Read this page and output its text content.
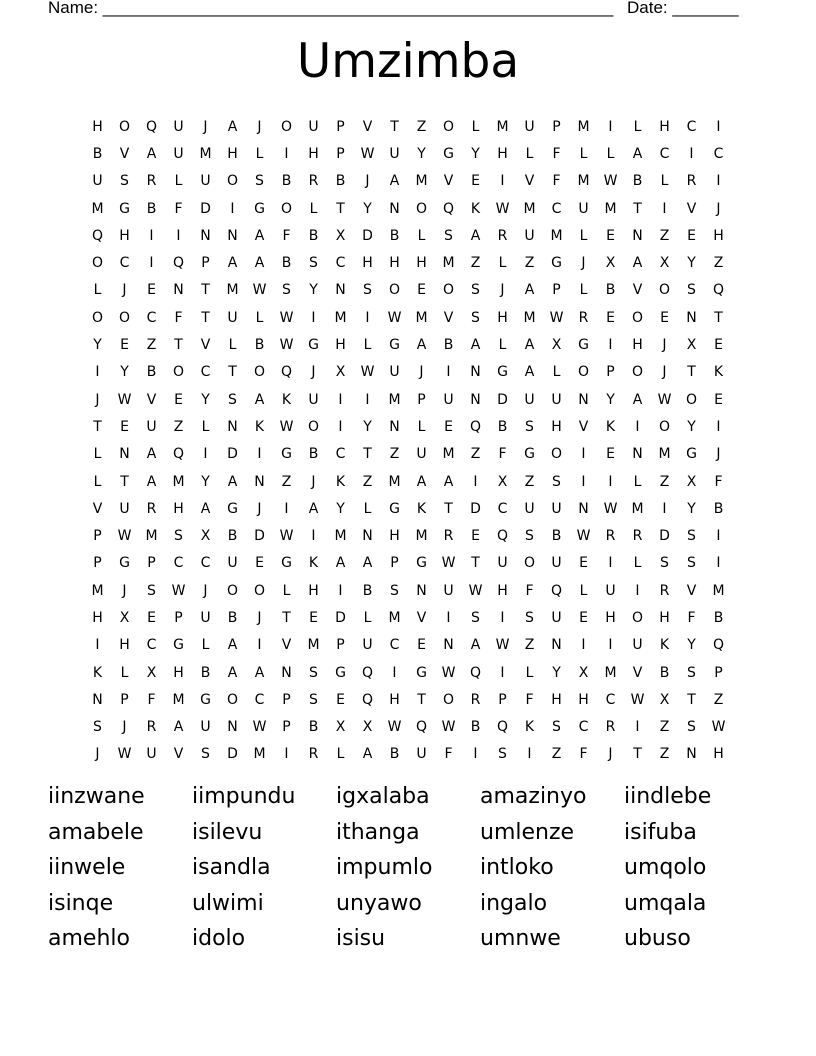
Name: ______________________________________________________ Date: _______
Umzimba
H	O	Q	U	J	A	J	O	U	P	V	T	Z	O	L	M	U	P	M	I	L	H	C	I
B	V	A	U	M	H	L	I	H	P	W	U	Y	G	Y	H	L	F	L	L	A	C	I	C
U	S	R	L	U	O	S	B	R	B	J	A	M	V	E	I	V	F	M	W	B	L	R	I
M	G	B	F	D	I	G	O	L	T	Y	N	O	Q	K	W	M	C	U	M	T	I	V	J
Q	H	I	I	N	N	A	F	B	X	D	B	L	S	A	R	U	M	L	E	N	Z	E	H
O	C	I	Q	P	A	A	B	S	C	H	H	H	M	Z	L	Z	G	J	X	A	X	Y	Z
L	J	E	N	T	M	W	S	Y	N	S	O	E	O	S	J	A	P	L	B	V	O	S	Q
O	O	C	F	T	U	L	W	I	M	I	W	M	V	S	H	M	W	R	E	O	E	N	T
Y	E	Z	T	V	L	B	W	G	H	L	G	A	B	A	L	A	X	G	I	H	J	X	E
I	Y	B	O	C	T	O	Q	J	X	W	U	J	I	N	G	A	L	O	P	O	J	T	K
J	W	V	E	Y	S	A	K	U	I	I	M	P	U	N	D	U	U	N	Y	A	W	O	E
T	E	U	Z	L	N	K	W	O	I	Y	N	L	E	Q	B	S	H	V	K	I	O	Y	I
L	N	A	Q	I	D	I	G	B	C	T	Z	U	M	Z	F	G	O	I	E	N	M	G	J
L	T	A	M	Y	A	N	Z	J	K	Z	M	A	A	I	X	Z	S	I	I	L	Z	X	F
V	U	R	H	A	G	J	I	A	Y	L	G	K	T	D	C	U	U	N	W	M	I	Y	B
P	W	M	S	X	B	D	W	I	M	N	H	M	R	E	Q	S	B	W	R	R	D	S	I
P	G	P	C	C	U	E	G	K	A	A	P	G	W	T	U	O	U	E	I	L	S	S	I
M	J	S	W	J	O	O	L	H	I	B	S	N	U	W	H	F	Q	L	U	I	R	V	M
H	X	E	P	U	B	J	T	E	D	L	M	V	I	S	I	S	U	E	H	O	H	F	B
I	H	C	G	L	A	I	V	M	P	U	C	E	N	A	W	Z	N	I	I	U	K	Y	Q
K	L	X	H	B	A	A	N	S	G	Q	I	G	W	Q	I	L	Y	X	M	V	B	S	P
N	P	F	M	G	O	C	P	S	E	Q	H	T	O	R	P	F	H	H	C	W	X	T	Z
S	J	R	A	U	N	W	P	B	X	X	W	Q	W	B	Q	K	S	C	R	I	Z	S	W
J	W	U	V	S	D	M	I	R	L	A	B	U	F	I	S	I	Z	F	J	T	Z	N	H
iinzwane	iimpundu	igxalaba	amazinyo	iindlebe
amabele	isilevu	ithanga	umlenze	isifuba
iinwele	isandla	impumlo	intloko	umqolo
isinqe	ulwimi	unyawo	ingalo	umqala
amehlo	idolo	isisu	umnwe	ubuso
